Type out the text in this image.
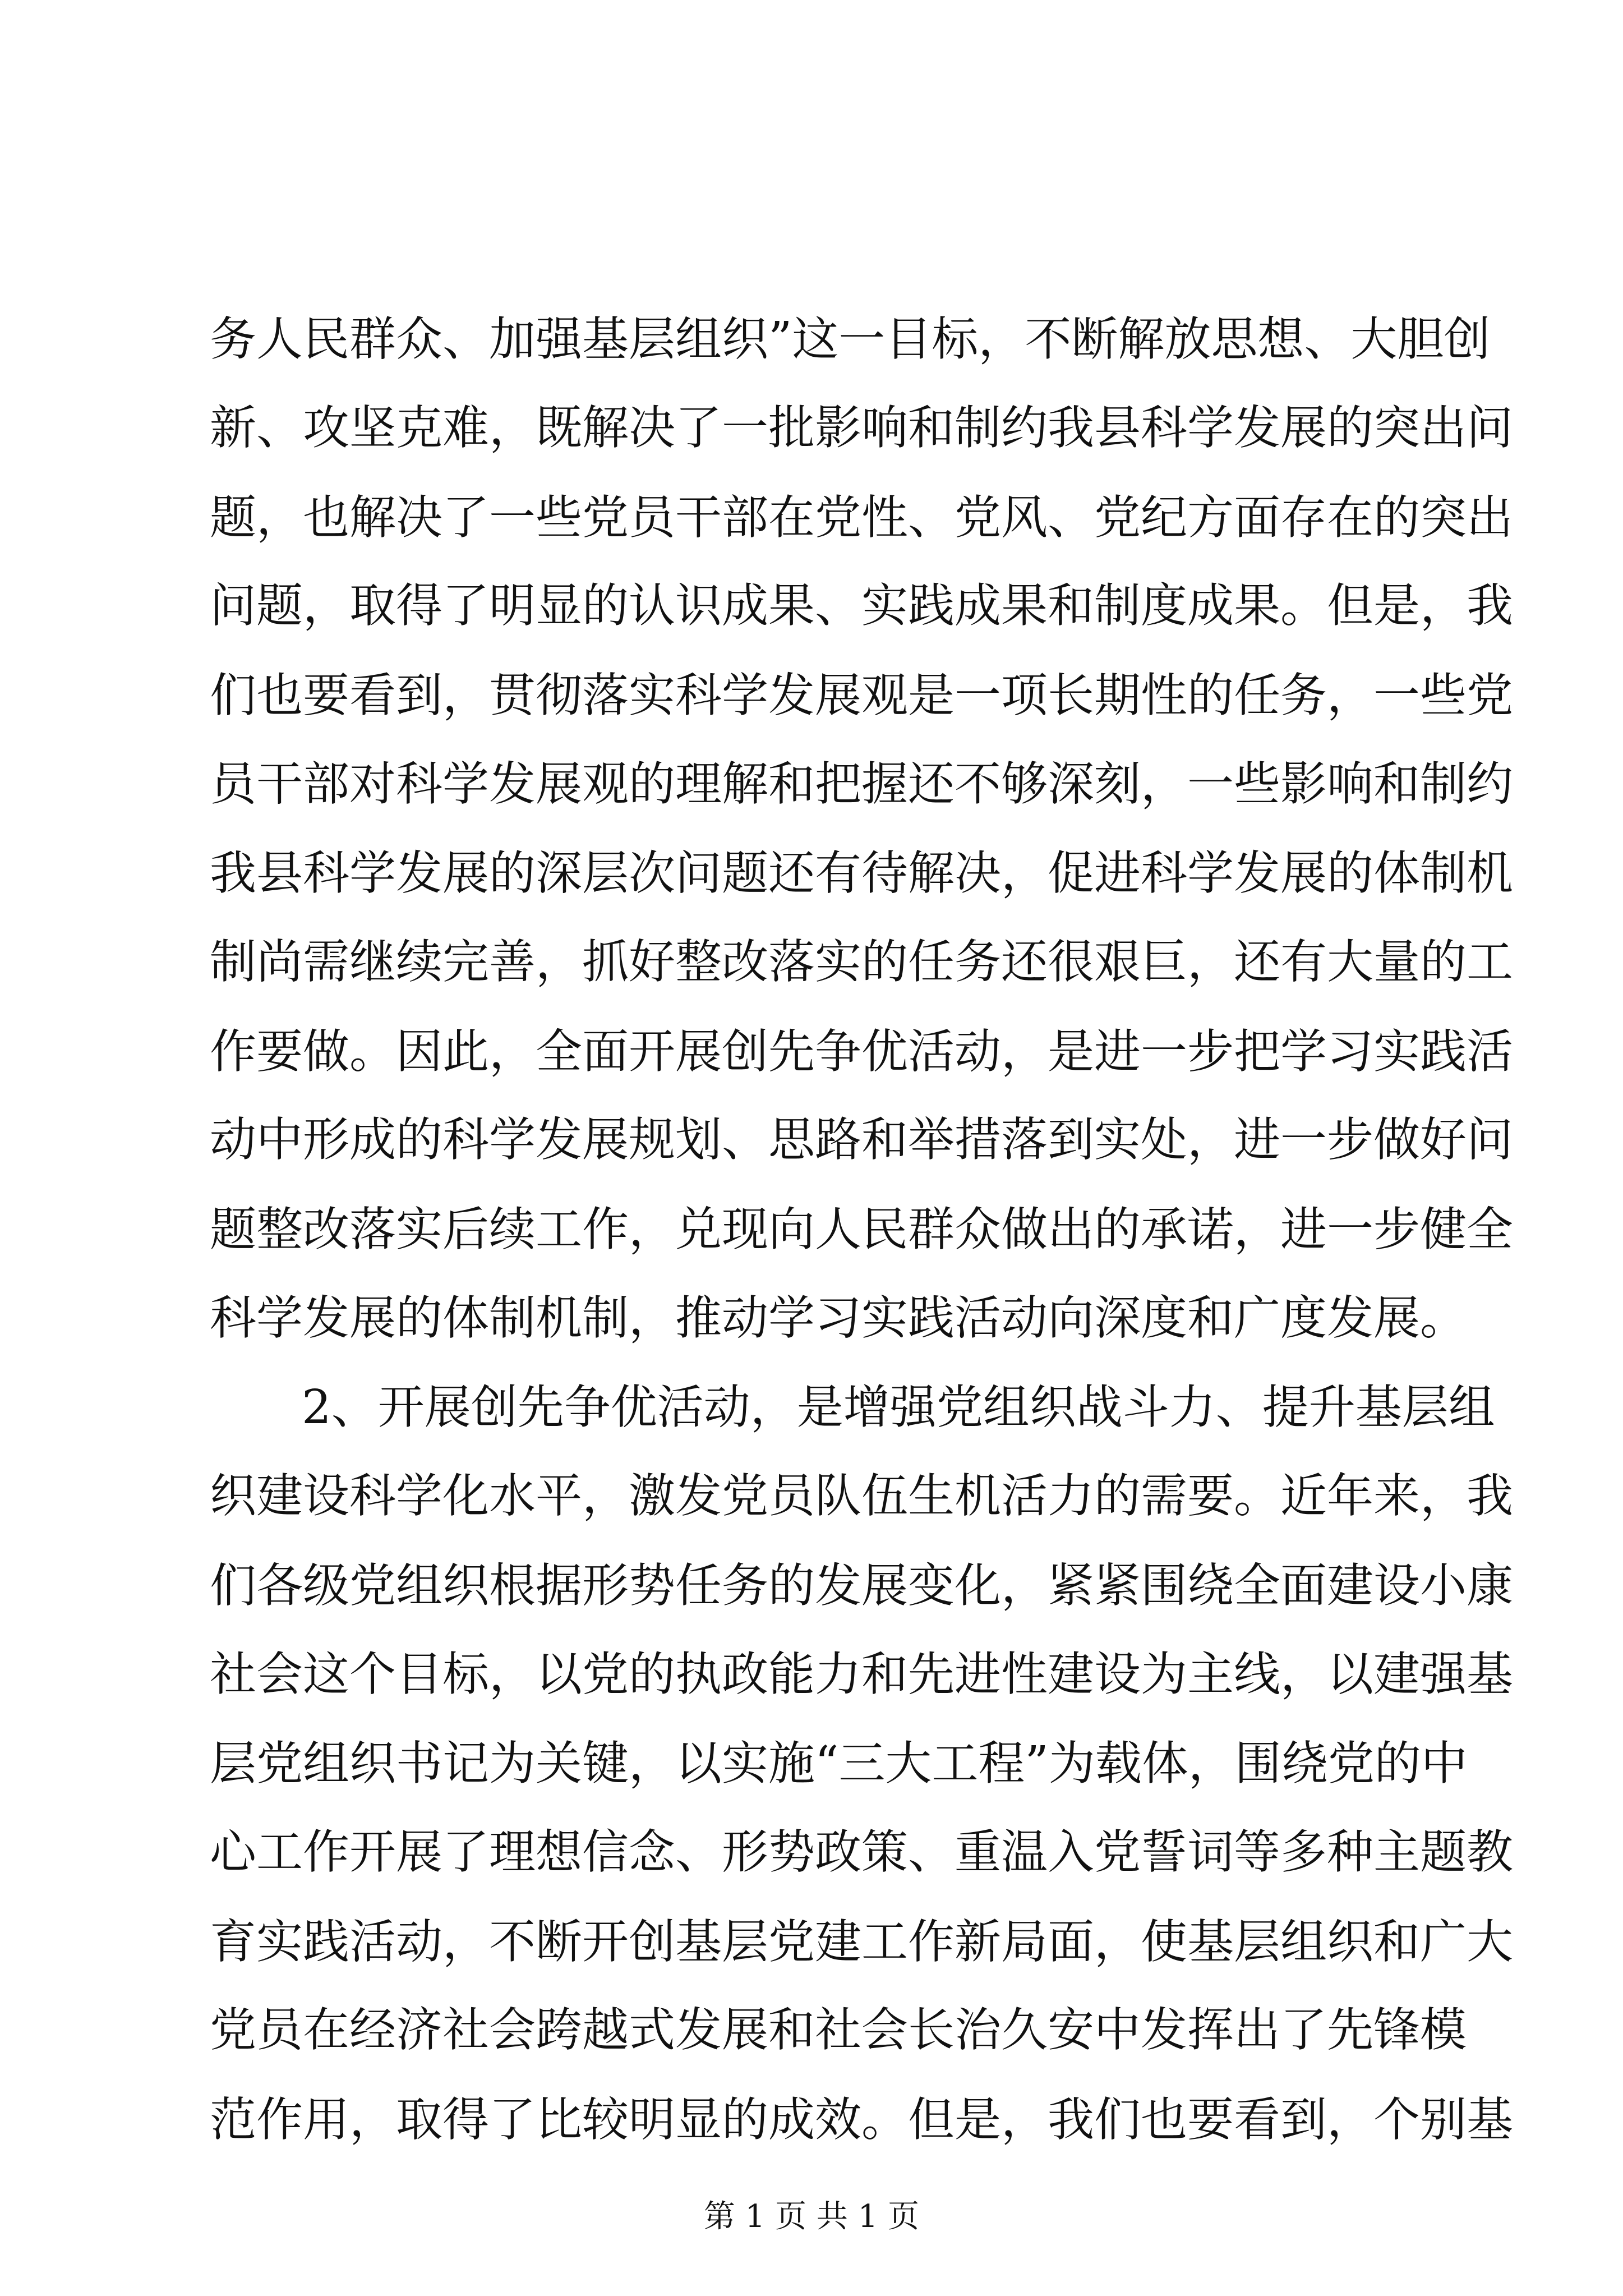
务人民群众、加强基层组织”这一目标，不断解放思想、大胆创
新、攻坚克难，既解决了一批影响和制约我县科学发展的突出问
题，也解决了一些党员干部在党性、党风、党纪方面存在的突出
问题，取得了明显的认识成果、实践成果和制度成果。但是，我
们也要看到，贯彻落实科学发展观是一项长期性的任务，一些党
员干部对科学发展观的理解和把握还不够深刻，一些影响和制约
我县科学发展的深层次问题还有待解决，促进科学发展的体制机
制尚需继续完善，抓好整改落实的任务还很艰巨，还有大量的工
作要做。因此，全面开展创先争优活动，是进一步把学习实践活
动中形成的科学发展规划、思路和举措落到实处，进一步做好问
题整改落实后续工作，兑现向人民群众做出的承诺，进一步健全
科学发展的体制机制，推动学习实践活动向深度和广度发展。
2、开展创先争优活动，是增强党组织战斗力、提升基层组
织建设科学化水平，激发党员队伍生机活力的需要。近年来，我
们各级党组织根据形势任务的发展变化，紧紧围绕全面建设小康
社会这个目标，以党的执政能力和先进性建设为主线，以建强基
层党组织书记为关键，以实施“三大工程”为载体，围绕党的中
心工作开展了理想信念、形势政策、重温入党誓词等多种主题教
育实践活动，不断开创基层党建工作新局面，使基层组织和广大
党员在经济社会跨越式发展和社会长治久安中发挥出了先锋模
范作用，取得了比较明显的成效。但是，我们也要看到，个别基
第 1 页 共 1 页
